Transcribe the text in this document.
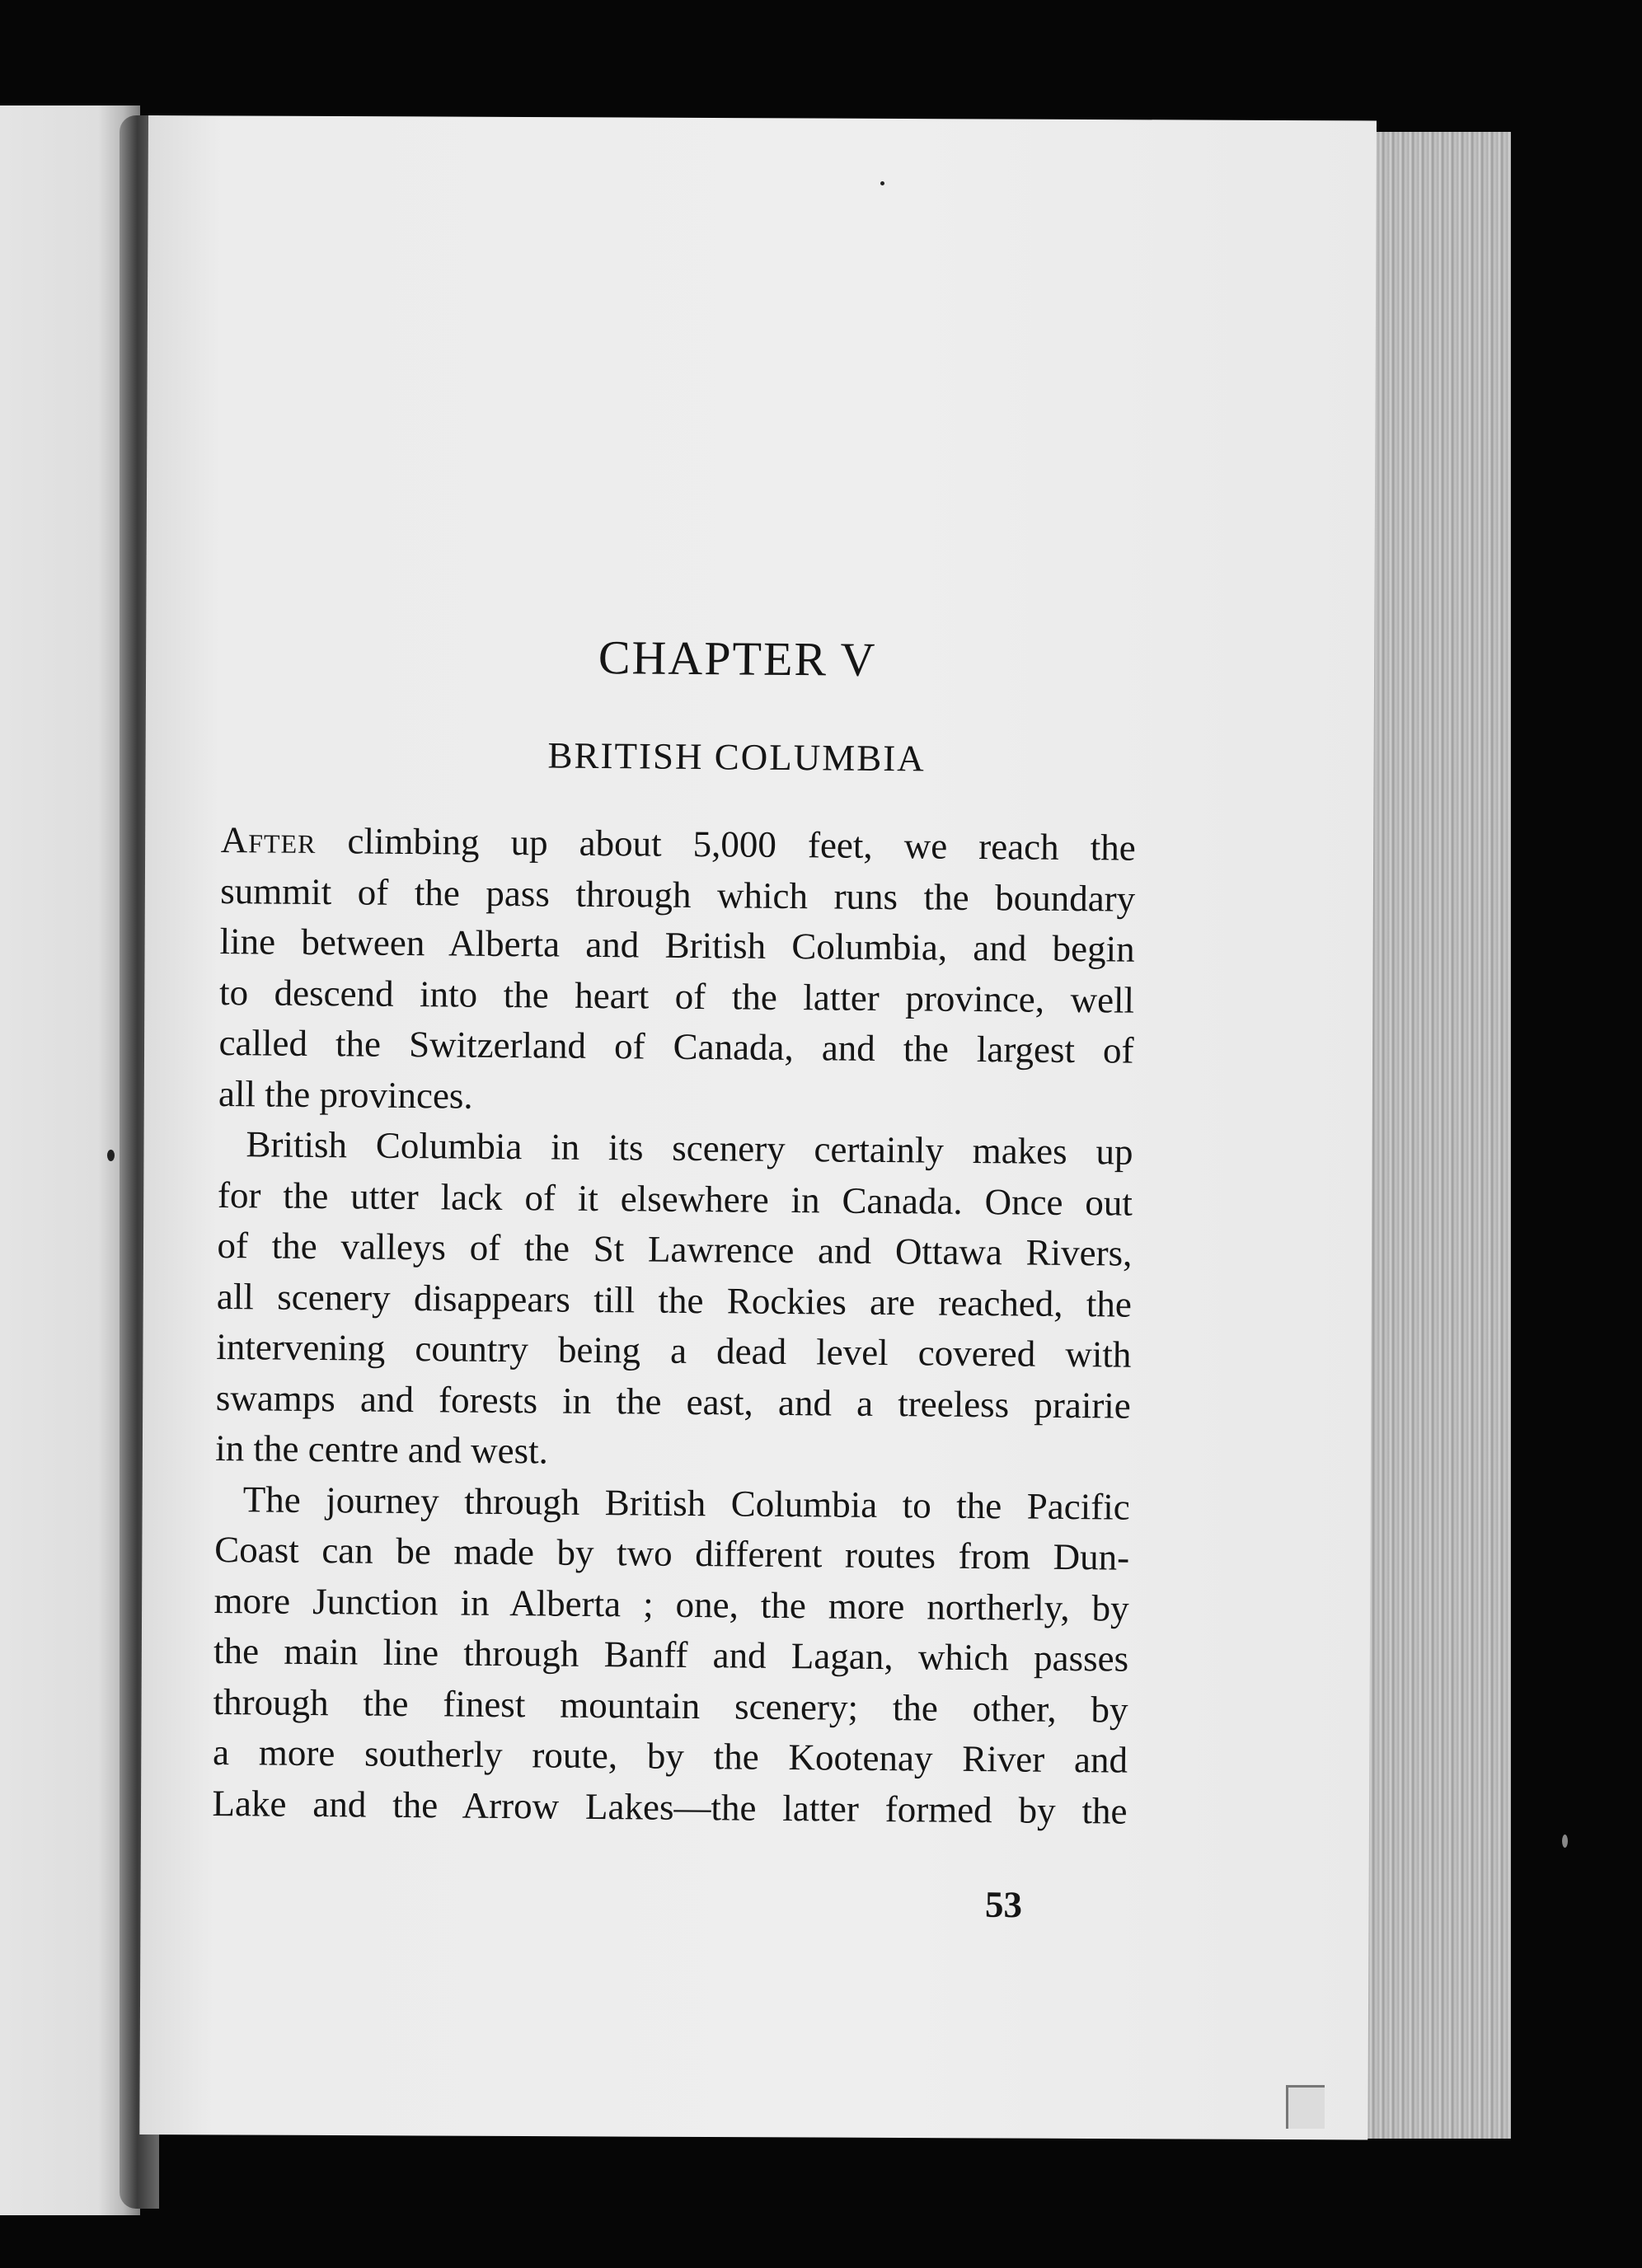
CHAPTER V
BRITISH COLUMBIA

After climbing up about 5,000 feet, we reach the
summit of the pass through which runs the boundary
line between Alberta and British Columbia, and begin
to descend into the heart of the latter province, well
called the Switzerland of Canada, and the largest of
all the provinces.

British Columbia in its scenery certainly makes up
for the utter lack of it elsewhere in Canada. Once out
of the valleys of the St Lawrence and Ottawa Rivers,
all scenery disappears till the Rockies are reached, the
intervening country being a dead level covered with
swamps and forests in the east, and a treeless prairie
in the centre and west.

The journey through British Columbia to the Pacific
Coast can be made by two different routes from Dun-
more Junction in Alberta ; one, the more northerly, by
the main line through Banff and Lagan, which passes
through the finest mountain scenery; the other, by
a more southerly route, by the Kootenay River and
Lake and the Arrow Lakes—the latter formed by the

53
